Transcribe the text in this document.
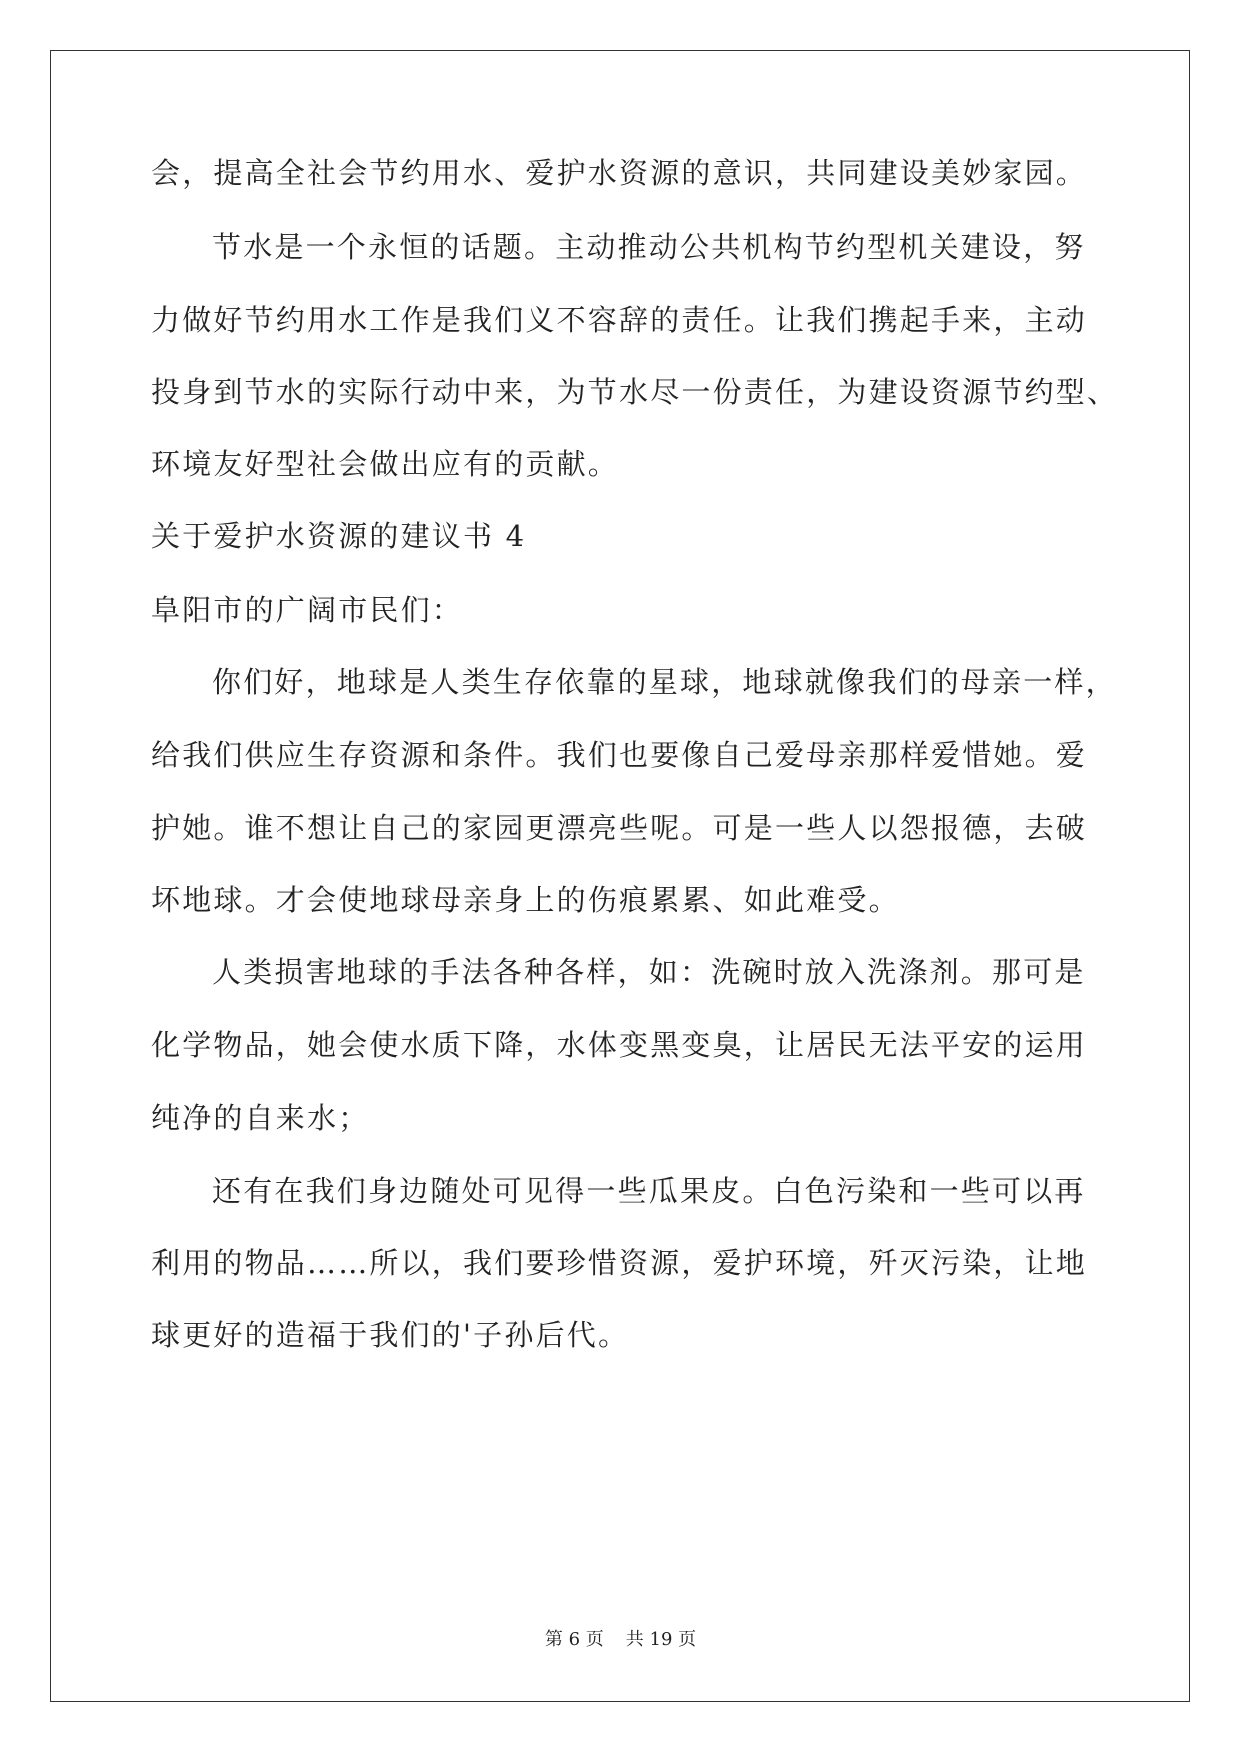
会，提高全社会节约用水、爱护水资源的意识，共同建设美妙家园。
节水是一个永恒的话题。主动推动公共机构节约型机关建设，努
力做好节约用水工作是我们义不容辞的责任。让我们携起手来，主动
投身到节水的实际行动中来，为节水尽一份责任，为建设资源节约型、
环境友好型社会做出应有的贡献。
关于爱护水资源的建议书 4
阜阳市的广阔市民们：
你们好，地球是人类生存依靠的星球，地球就像我们的母亲一样，
给我们供应生存资源和条件。我们也要像自己爱母亲那样爱惜她。爱
护她。谁不想让自己的家园更漂亮些呢。可是一些人以怨报德，去破
坏地球。才会使地球母亲身上的伤痕累累、如此难受。
人类损害地球的手法各种各样，如：洗碗时放入洗涤剂。那可是
化学物品，她会使水质下降，水体变黑变臭，让居民无法平安的运用
纯净的自来水；
还有在我们身边随处可见得一些瓜果皮。白色污染和一些可以再
利用的物品……所以，我们要珍惜资源，爱护环境，歼灭污染，让地
球更好的造福于我们的'子孙后代。
第 6 页 共 19 页
